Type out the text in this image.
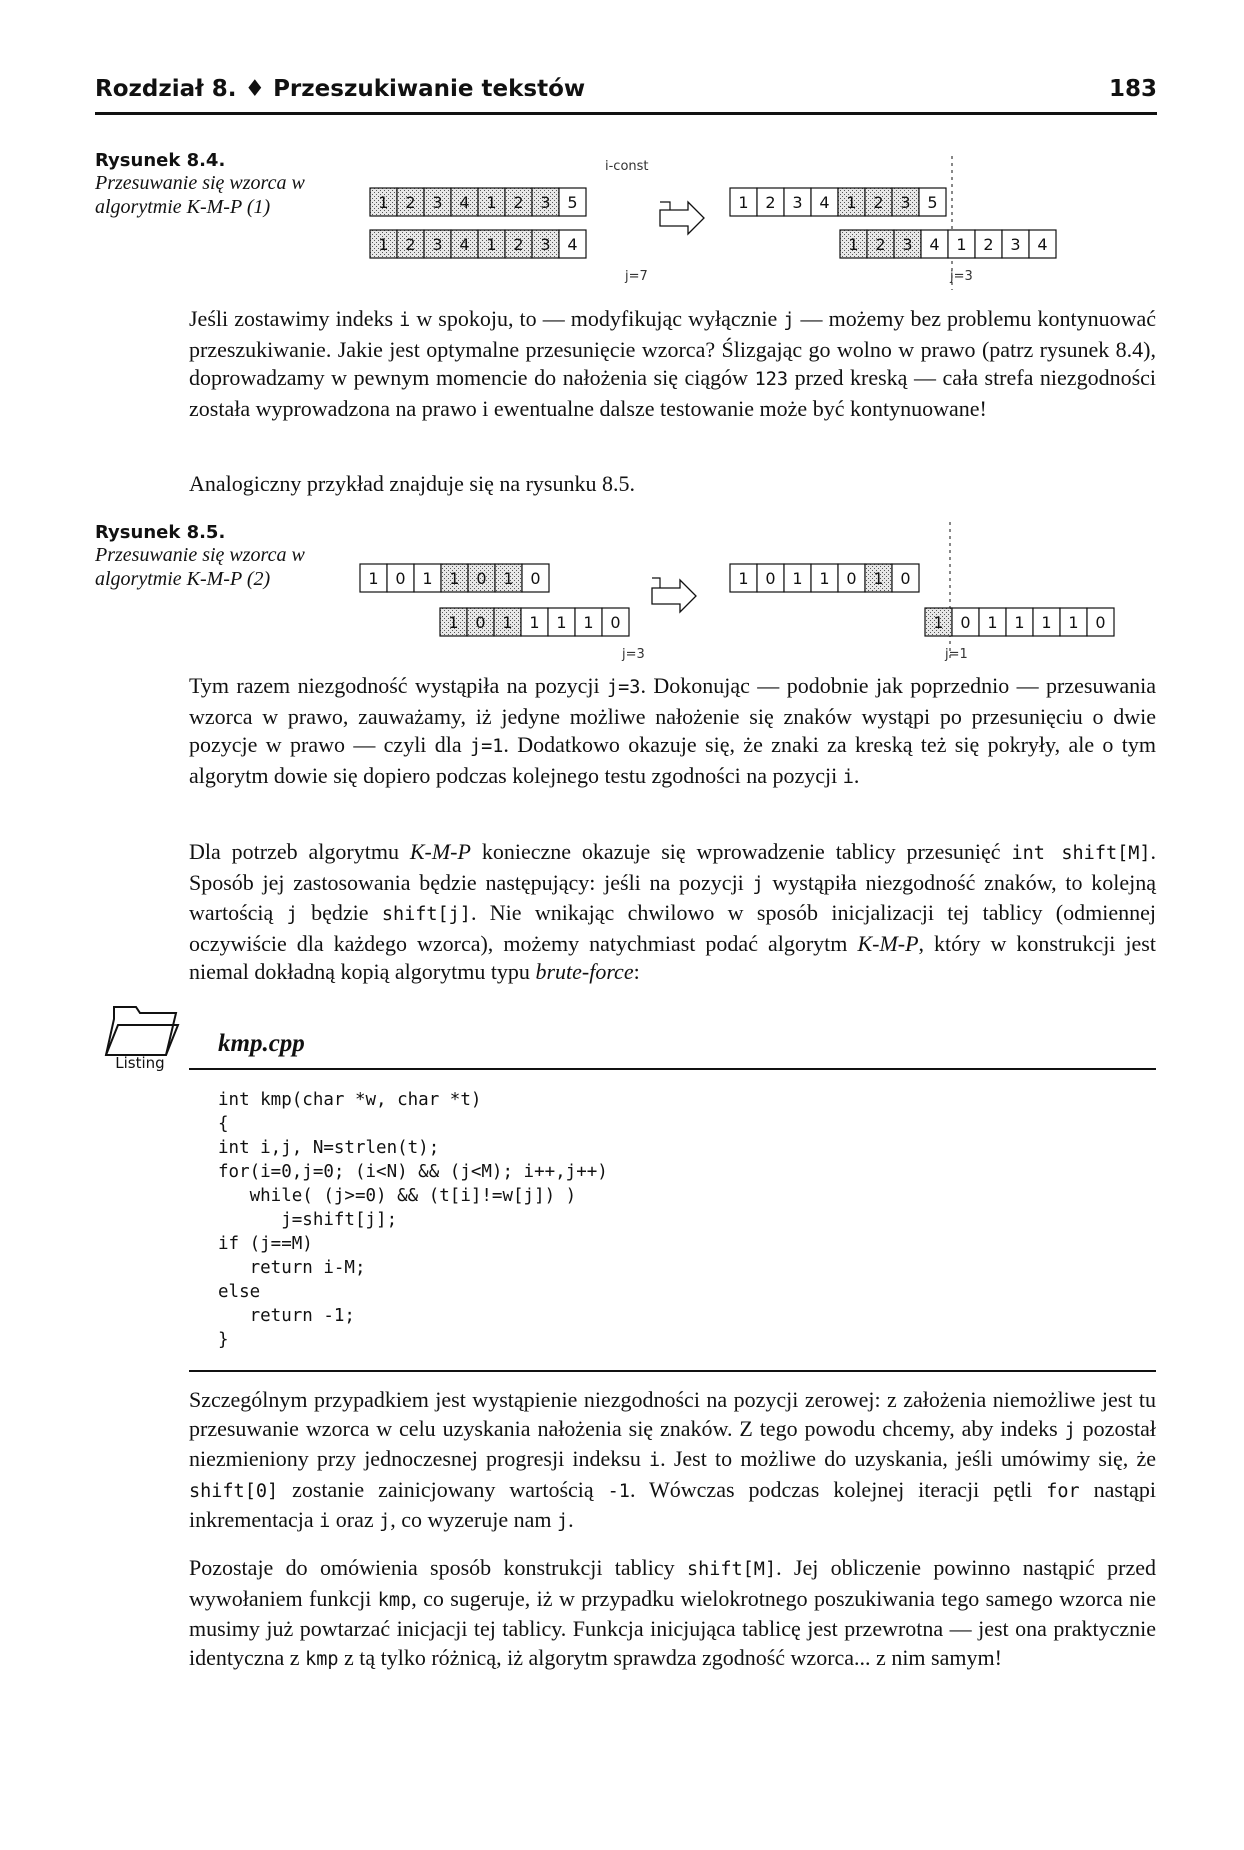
Rozdział 8. ♦ Przeszukiwanie tekstów	183
Rysunek 8.4.
Przesuwanie się wzorca w algorytmie K-M-P (1)
i-const
1 2 3 4 1 2 3 5
1 2 3 4 1 2 3 4
j=7
1 2 3 4 1 2 3 5
1 2 3 4 1 2 3 4
j=3

Jeśli zostawimy indeks i w spokoju, to — modyfikując wyłącznie j — możemy bez problemu kontynuować przeszukiwanie. Jakie jest optymalne przesunięcie wzorca? Ślizgając go wolno w prawo (patrz rysunek 8.4), doprowadzamy w pewnym momencie do nałożenia się ciągów 123 przed kreską — cała strefa niezgodności została wyprowadzona na prawo i ewentualne dalsze testowanie może być kontynuowane!

Analogiczny przykład znajduje się na rysunku 8.5.

Rysunek 8.5.
Przesuwanie się wzorca w algorytmie K-M-P (2)	1 0 1 1 0 1 0
1 0 1 1 1 1 0
j=3
1 0 1 1 0 1 0
1 0 1 1 1 1 0
j=1

Tym razem niezgodność wystąpiła na pozycji j=3. Dokonując — podobnie jak poprzednio — przesuwania wzorca w prawo, zauważamy, iż jedyne możliwe nałożenie się znaków wystąpi po przesunięciu o dwie pozycje w prawo — czyli dla j=1. Dodatkowo okazuje się, że znaki za kreską też się pokryły, ale o tym algorytm dowie się dopiero podczas kolejnego testu zgodności na pozycji i.

Dla potrzeb algorytmu K-M-P konieczne okazuje się wprowadzenie tablicy przesunięć int shift[M]. Sposób jej zastosowania będzie następujący: jeśli na pozycji j wystąpiła niezgodność znaków, to kolejną wartością j będzie shift[j]. Nie wnikając chwilowo w sposób inicjalizacji tej tablicy (odmiennej oczywiście dla każdego wzorca), możemy natychmiast podać algorytm K-M-P, który w konstrukcji jest niemal dokładną kopią algorytmu typu brute-force:

Listing
kmp.cpp
int kmp(char *w, char *t)
{
int i,j, N=strlen(t);
for(i=0,j=0; (i<N) && (j<M); i++,j++)
while( (j>=0) && (t[i]!=w[j]) )
j=shift[j];
if (j==M)
return i-M;
else
return -1;
}

Szczególnym przypadkiem jest wystąpienie niezgodności na pozycji zerowej: z założenia niemożliwe jest tu przesuwanie wzorca w celu uzyskania nałożenia się znaków. Z tego powodu chcemy, aby indeks j pozostał niezmieniony przy jednoczesnej progresji indeksu i. Jest to możliwe do uzyskania, jeśli umówimy się, że shift[0] zostanie zainicjowany wartością -1. Wówczas podczas kolejnej iteracji pętli for nastąpi inkrementacja i oraz j, co wyzeruje nam j.

Pozostaje do omówienia sposób konstrukcji tablicy shift[M]. Jej obliczenie powinno nastąpić przed wywołaniem funkcji kmp, co sugeruje, iż w przypadku wielokrotnego poszukiwania tego samego wzorca nie musimy już powtarzać inicjacji tej tablicy. Funkcja inicjująca tablicę jest przewrotna — jest ona praktycznie identyczna z kmp z tą tylko różnicą, iż algorytm sprawdza zgodność wzorca... z nim samym!
